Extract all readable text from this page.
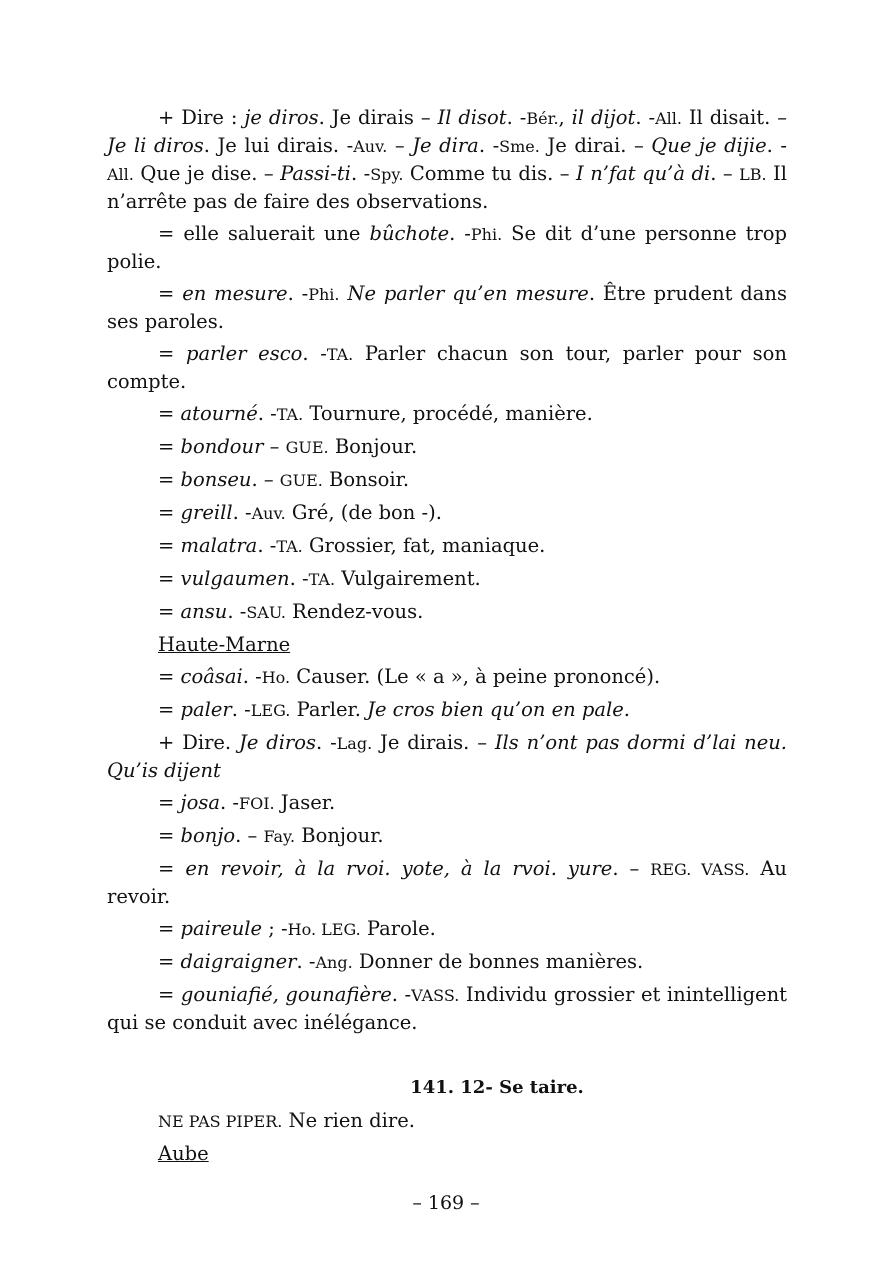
+ Dire : je diros. Je dirais – Il disot. -Bér., il dijot. -All. Il disait. – Je li diros. Je lui dirais. -Auv. – Je dira. -Sme. Je dirai. – Que je dijie. -All. Que je dise. – Passi-ti. -Spy. Comme tu dis. – I n’fat qu’à di. – LB. Il n’arrête pas de faire des observations.
= elle saluerait une bûchote. -Phi. Se dit d’une personne trop polie.
= en mesure. -Phi. Ne parler qu’en mesure. Être prudent dans ses paroles.
= parler esco. -TA. Parler chacun son tour, parler pour son compte.
= atourné. -TA. Tournure, procédé, manière.
= bondour – GUE. Bonjour.
= bonseu. – GUE. Bonsoir.
= greill. -Auv. Gré, (de bon -).
= malatra. -TA. Grossier, fat, maniaque.
= vulgaumen. -TA. Vulgairement.
= ansu. -SAU. Rendez-vous.
Haute-Marne
= coâsai. -Ho. Causer. (Le « a », à peine prononcé).
= paler. -LEG. Parler. Je cros bien qu’on en pale.
+ Dire. Je diros. -Lag. Je dirais. – Ils n’ont pas dormi d’lai neu. Qu’is dijent
= josa. -FOI. Jaser.
= bonjo. – Fay. Bonjour.
= en revoir, à la rvoi. yote, à la rvoi. yure. – REG. VASS. Au revoir.
= paireule ; -Ho. LEG. Parole.
= daigraigner. -Ang. Donner de bonnes manières.
= gouniafié, gounafière. -VASS. Individu grossier et inintelligent qui se conduit avec inélégance.
141. 12- Se taire.
NE PAS PIPER. Ne rien dire.
Aube
– 169 –
